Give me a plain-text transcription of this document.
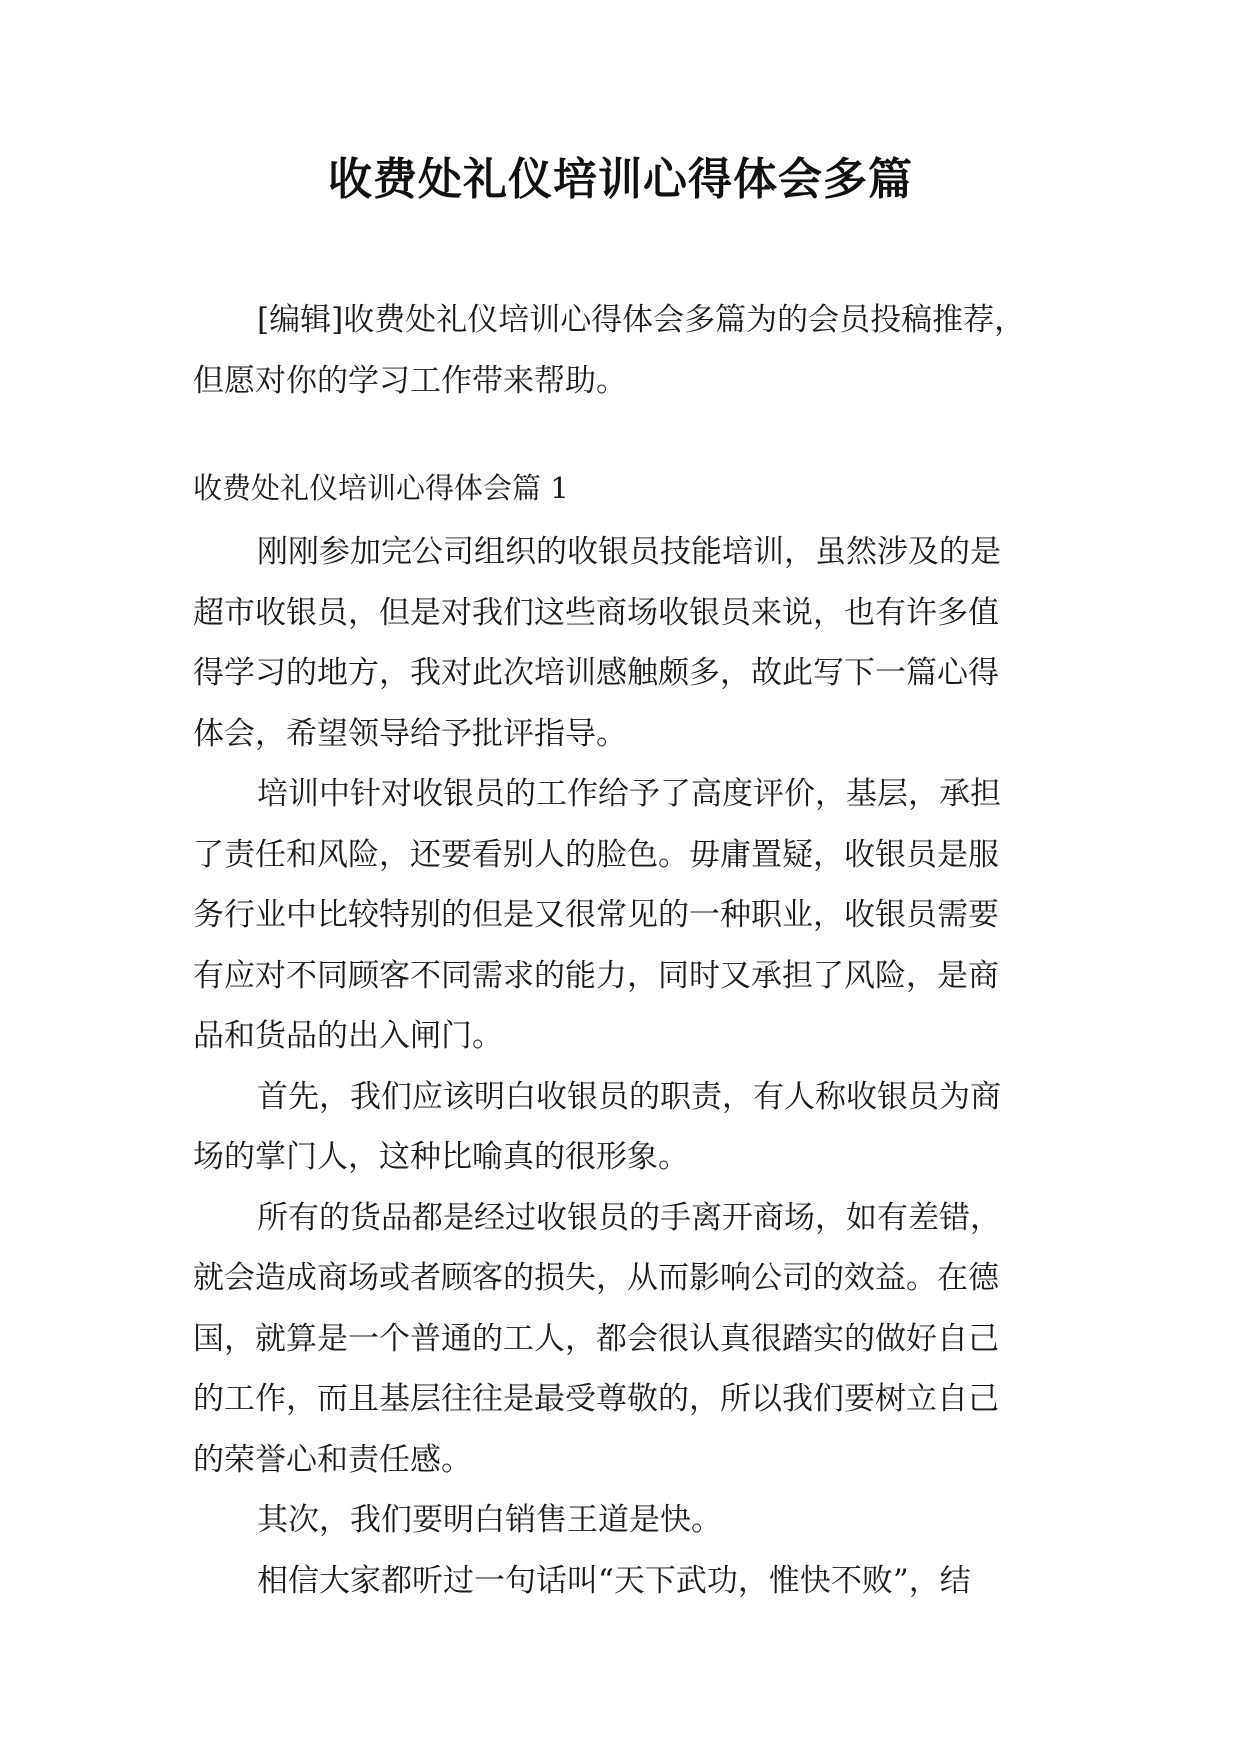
收费处礼仪培训心得体会多篇
[编辑]收费处礼仪培训心得体会多篇为的会员投稿推荐，
但愿对你的学习工作带来帮助。
收费处礼仪培训心得体会篇 1
刚刚参加完公司组织的收银员技能培训，虽然涉及的是
超市收银员，但是对我们这些商场收银员来说，也有许多值
得学习的地方，我对此次培训感触颇多，故此写下一篇心得
体会，希望领导给予批评指导。
培训中针对收银员的工作给予了高度评价，基层，承担
了责任和风险，还要看别人的脸色。毋庸置疑，收银员是服
务行业中比较特别的但是又很常见的一种职业，收银员需要
有应对不同顾客不同需求的能力，同时又承担了风险，是商
品和货品的出入闸门。
首先，我们应该明白收银员的职责，有人称收银员为商
场的掌门人，这种比喻真的很形象。
所有的货品都是经过收银员的手离开商场，如有差错，
就会造成商场或者顾客的损失，从而影响公司的效益。在德
国，就算是一个普通的工人，都会很认真很踏实的做好自己
的工作，而且基层往往是最受尊敬的，所以我们要树立自己
的荣誉心和责任感。
其次，我们要明白销售王道是快。
相信大家都听过一句话叫“天下武功，惟快不败”，结
